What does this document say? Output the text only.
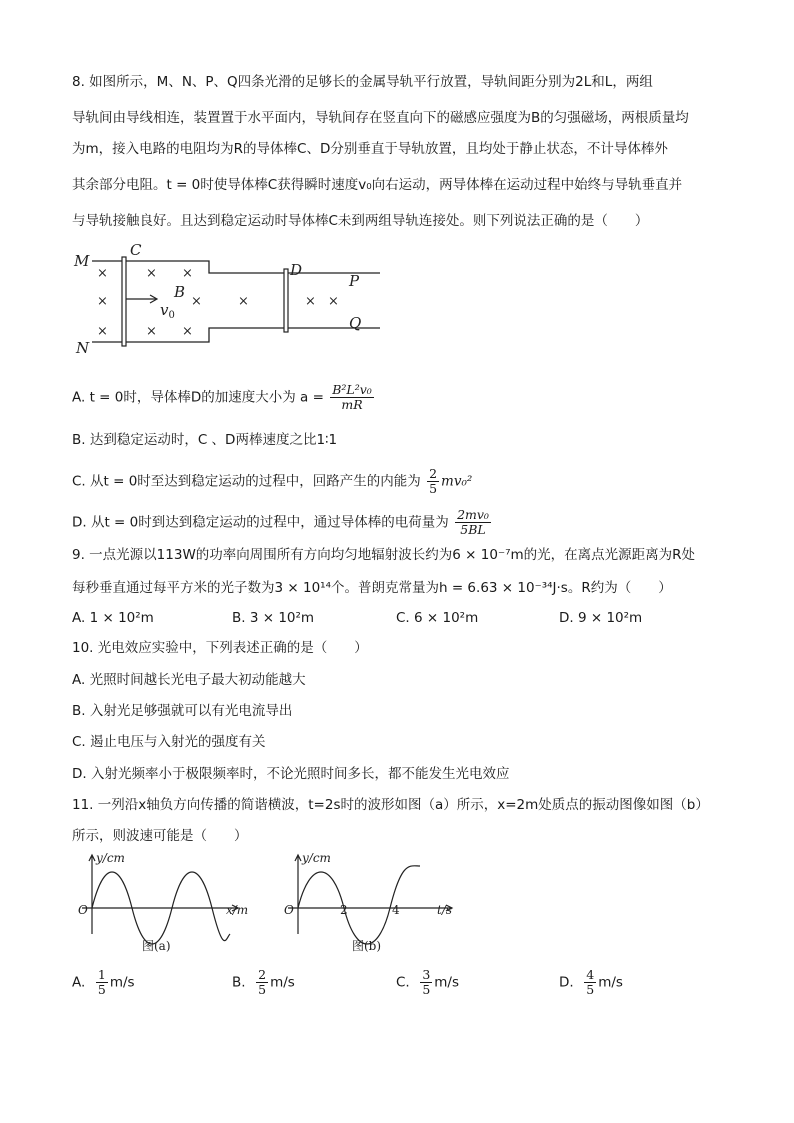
8. 如图所示，M、N、P、Q四条光滑的足够长的金属导轨平行放置，导轨间距分别为2L和L，两组
导轨间由导线相连，装置置于水平面内，导轨间存在竖直向下的磁感应强度为B的匀强磁场，两根质量均
为m，接入电路的电阻均为R的导体棒C、D分别垂直于导轨放置，且均处于静止状态，不计导体棒外
其余部分电阻。t = 0时使导体棒C获得瞬时速度v₀向右运动，两导体棒在运动过程中始终与导轨垂直并
与导轨接触良好。且达到稳定运动时导体棒C未到两组导轨连接处。则下列说法正确的是（　　）
×	× ×
×	×	×	× ×
×	× ×
M
N
C
D
P
Q
B
$v_0$
A. t = 0时，导体棒D的加速度大小为 $a = \frac{\text{B²L²v₀}}{mR}$
B. 达到稳定运动时，C 、D两棒速度之比1∶1
C. 从t = 0时至达到稳定运动的过程中，回路产生的内能为 $\frac{2}{5} mv_0^2$
D. 从t = 0时到达到稳定运动的过程中，通过导体棒的电荷量为 $\frac{\text{2mv₀}}{5BL}$
9. 一点光源以113W的功率向周围所有方向均匀地辐射波长约为6 × 10⁻⁷m的光，在离点光源距离为R处
每秒垂直通过每平方米的光子数为3 × 10¹⁴个。普朗克常量为h = 6.63 × 10⁻³⁴J·s。R约为（　　）
A. 1 × 10²m	B. 3 × 10²m	C. 6 × 10²m	D. 9 × 10²m
10. 光电效应实验中，下列表述正确的是（　　）
A. 光照时间越长光电子最大初动能越大
B. 入射光足够强就可以有光电流导出
C. 遏止电压与入射光的强度有关
D. 入射光频率小于极限频率时，不论光照时间多长，都不能发生光电效应
11. 一列沿x轴负方向传播的简谐横波，t=2s时的波形如图（a）所示，x=2m处质点的振动图像如图（b）
所示，则波速可能是（　　）
y/cm
x/m
O
图(a)
y/cm
t/s
O	2	4
图(b)
A. $\frac{1}{5} m/s$	B. $\frac{2}{5} m/s$	C. $\frac{3}{5} m/s$	D. $\frac{4}{5} m/s$
